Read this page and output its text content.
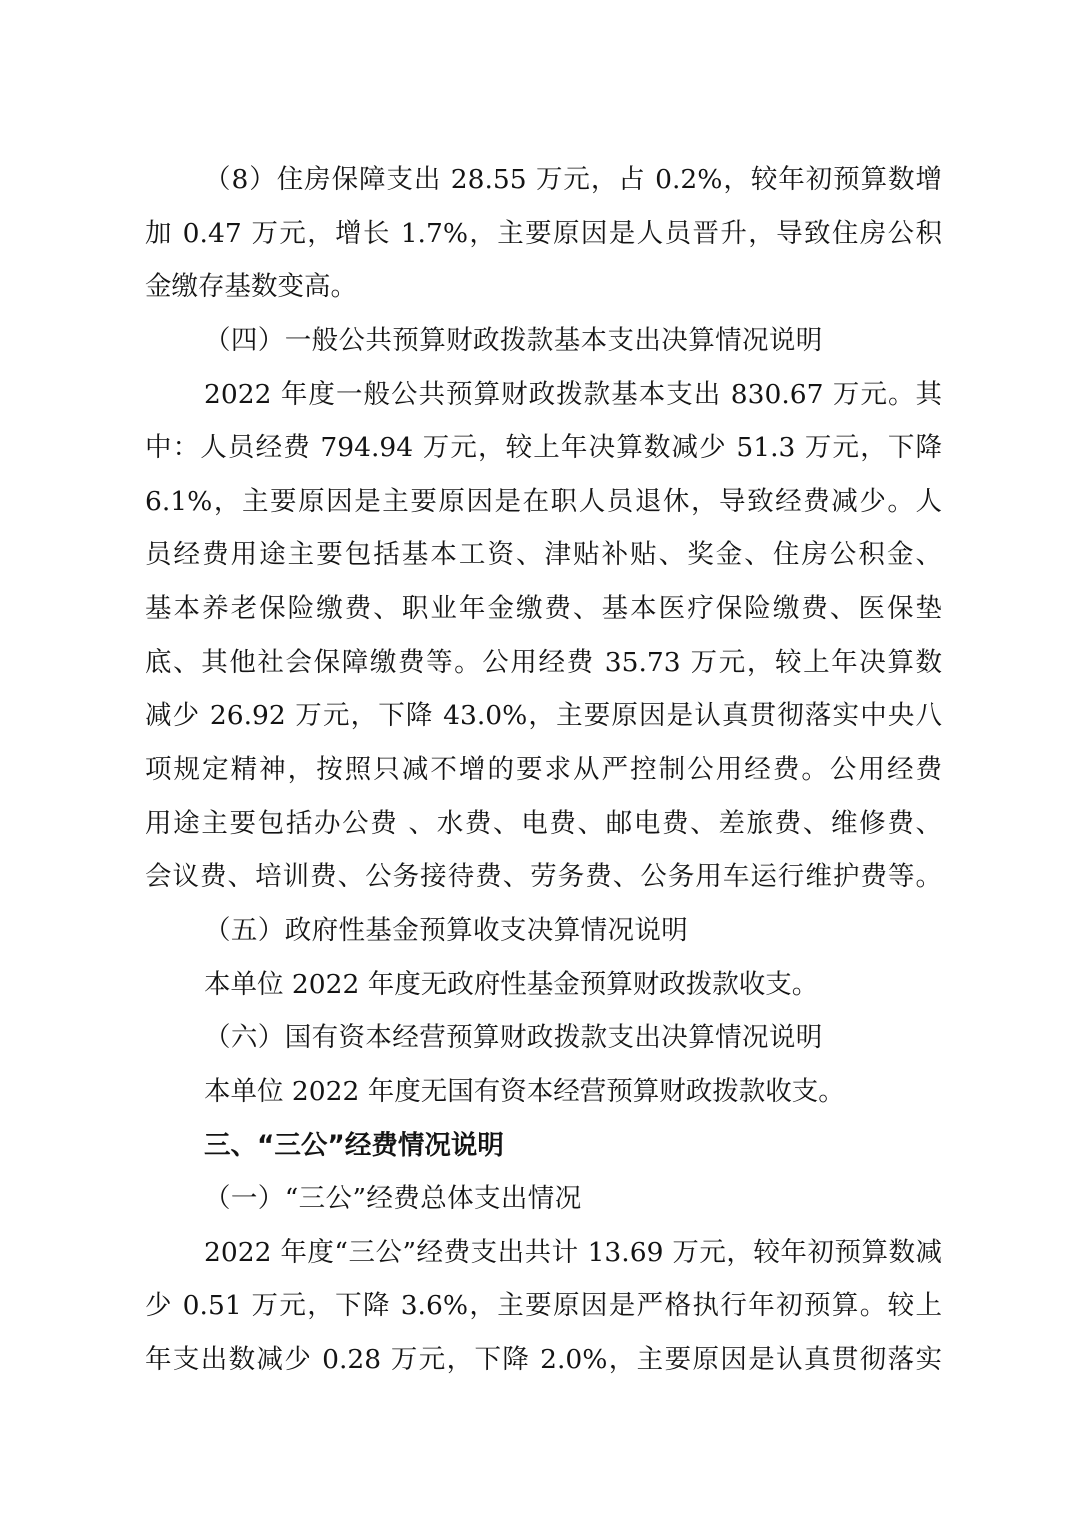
（8）住房保障支出 28.55 万元，占 0.2%，较年初预算数增
加 0.47 万元，增长 1.7%，主要原因是人员晋升，导致住房公积
金缴存基数变高。
（四）一般公共预算财政拨款基本支出决算情况说明
2022 年度一般公共预算财政拨款基本支出 830.67 万元。其
中：人员经费 794.94 万元，较上年决算数减少 51.3 万元，下降
6.1%，主要原因是主要原因是在职人员退休，导致经费减少。人
员经费用途主要包括基本工资、津贴补贴、奖金、住房公积金、
基本养老保险缴费、职业年金缴费、基本医疗保险缴费、医保垫
底、其他社会保障缴费等。公用经费 35.73 万元，较上年决算数
减少 26.92 万元，下降 43.0%，主要原因是认真贯彻落实中央八
项规定精神，按照只减不增的要求从严控制公用经费。公用经费
用途主要包括办公费 、水费、电费、邮电费、差旅费、维修费、
会议费、培训费、公务接待费、劳务费、公务用车运行维护费等。
（五）政府性基金预算收支决算情况说明
本单位 2022 年度无政府性基金预算财政拨款收支。
（六）国有资本经营预算财政拨款支出决算情况说明
本单位 2022 年度无国有资本经营预算财政拨款收支。
三、“三公”经费情况说明
（一）“三公”经费总体支出情况
2022 年度“三公”经费支出共计 13.69 万元，较年初预算数减
少 0.51 万元，下降 3.6%，主要原因是严格执行年初预算。较上
年支出数减少 0.28 万元，下降 2.0%，主要原因是认真贯彻落实
